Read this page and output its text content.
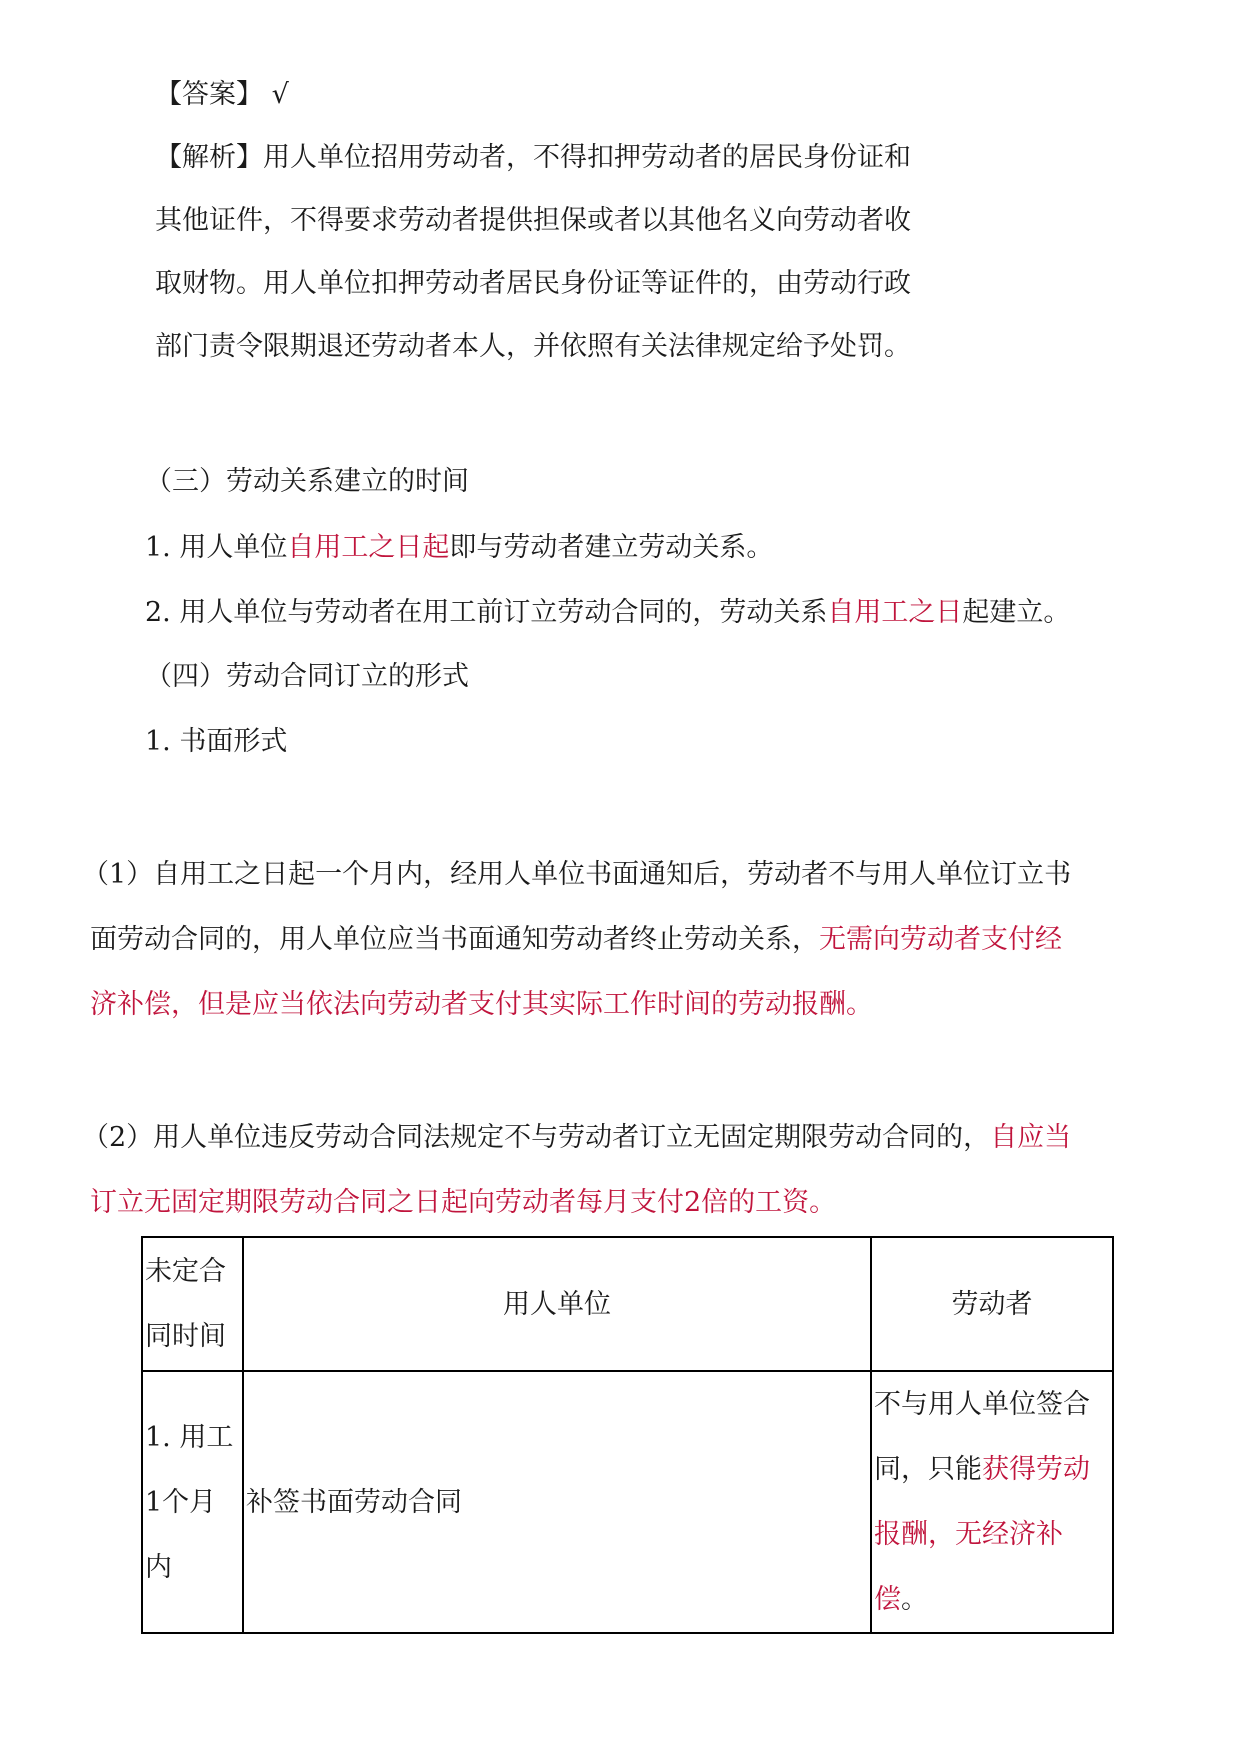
【答案】 √
【解析】用人单位招用劳动者，不得扣押劳动者的居民身份证和
其他证件，不得要求劳动者提供担保或者以其他名义向劳动者收
取财物。用人单位扣押劳动者居民身份证等证件的，由劳动行政
部门责令限期退还劳动者本人，并依照有关法律规定给予处罚。
（三）劳动关系建立的时间
1. 用人单位自用工之日起即与劳动者建立劳动关系。
2. 用人单位与劳动者在用工前订立劳动合同的，劳动关系自用工之日起建立。
（四）劳动合同订立的形式
1. 书面形式
（1）自用工之日起一个月内，经用人单位书面通知后，劳动者不与用人单位订立书
面劳动合同的，用人单位应当书面通知劳动者终止劳动关系，无需向劳动者支付经
济补偿，但是应当依法向劳动者支付其实际工作时间的劳动报酬。
（2）用人单位违反劳动合同法规定不与劳动者订立无固定期限劳动合同的，自应当
订立无固定期限劳动合同之日起向劳动者每月支付2倍的工资。
未定合同时间	用人单位	劳动者
1. 用工1个月内	补签书面劳动合同	不与用人单位签合同，只能获得劳动报酬，无经济补偿。
